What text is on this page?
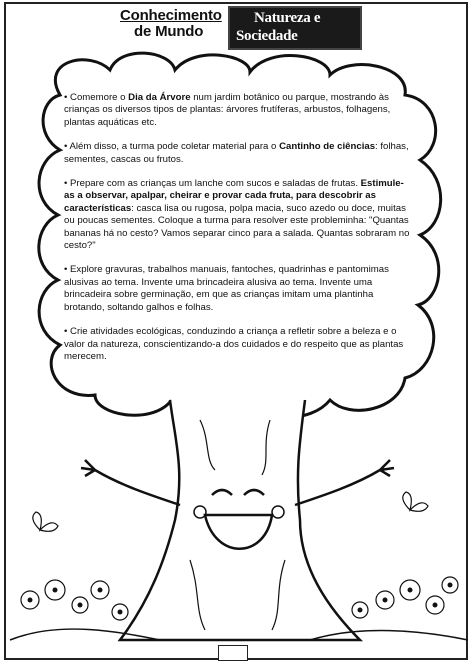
Conhecimento
de Mundo
Natureza e
Sociedade

• Comemore o Dia da Árvore num jardim botânico ou parque, mostrando às crianças os diversos tipos de plantas: árvores frutíferas, arbustos, folhagens, plantas aquáticas etc.

• Além disso, a turma pode coletar material para o Cantinho de ciências: folhas, sementes, cascas ou frutos.

• Prepare com as crianças um lanche com sucos e saladas de frutas. Estimule-as a observar, apalpar, cheirar e provar cada fruta, para descobrir as características: casca lisa ou rugosa, polpa macia, suco azedo ou doce, muitas ou poucas sementes. Coloque a turma para resolver este probleminha: "Quantas bananas há no cesto? Vamos separar cinco para a salada. Quantas sobraram no cesto?"

• Explore gravuras, trabalhos manuais, fantoches, quadrinhas e pantomimas alusivas ao tema. Invente uma brincadeira alusiva ao tema. Invente uma brincadeira sobre germinação, em que as crianças imitam uma plantinha brotando, soltando galhos e folhas.

• Crie atividades ecológicas, conduzindo a criança a refletir sobre a beleza e o valor da natureza, conscientizando-a dos cuidados e do respeito que as plantas merecem.
